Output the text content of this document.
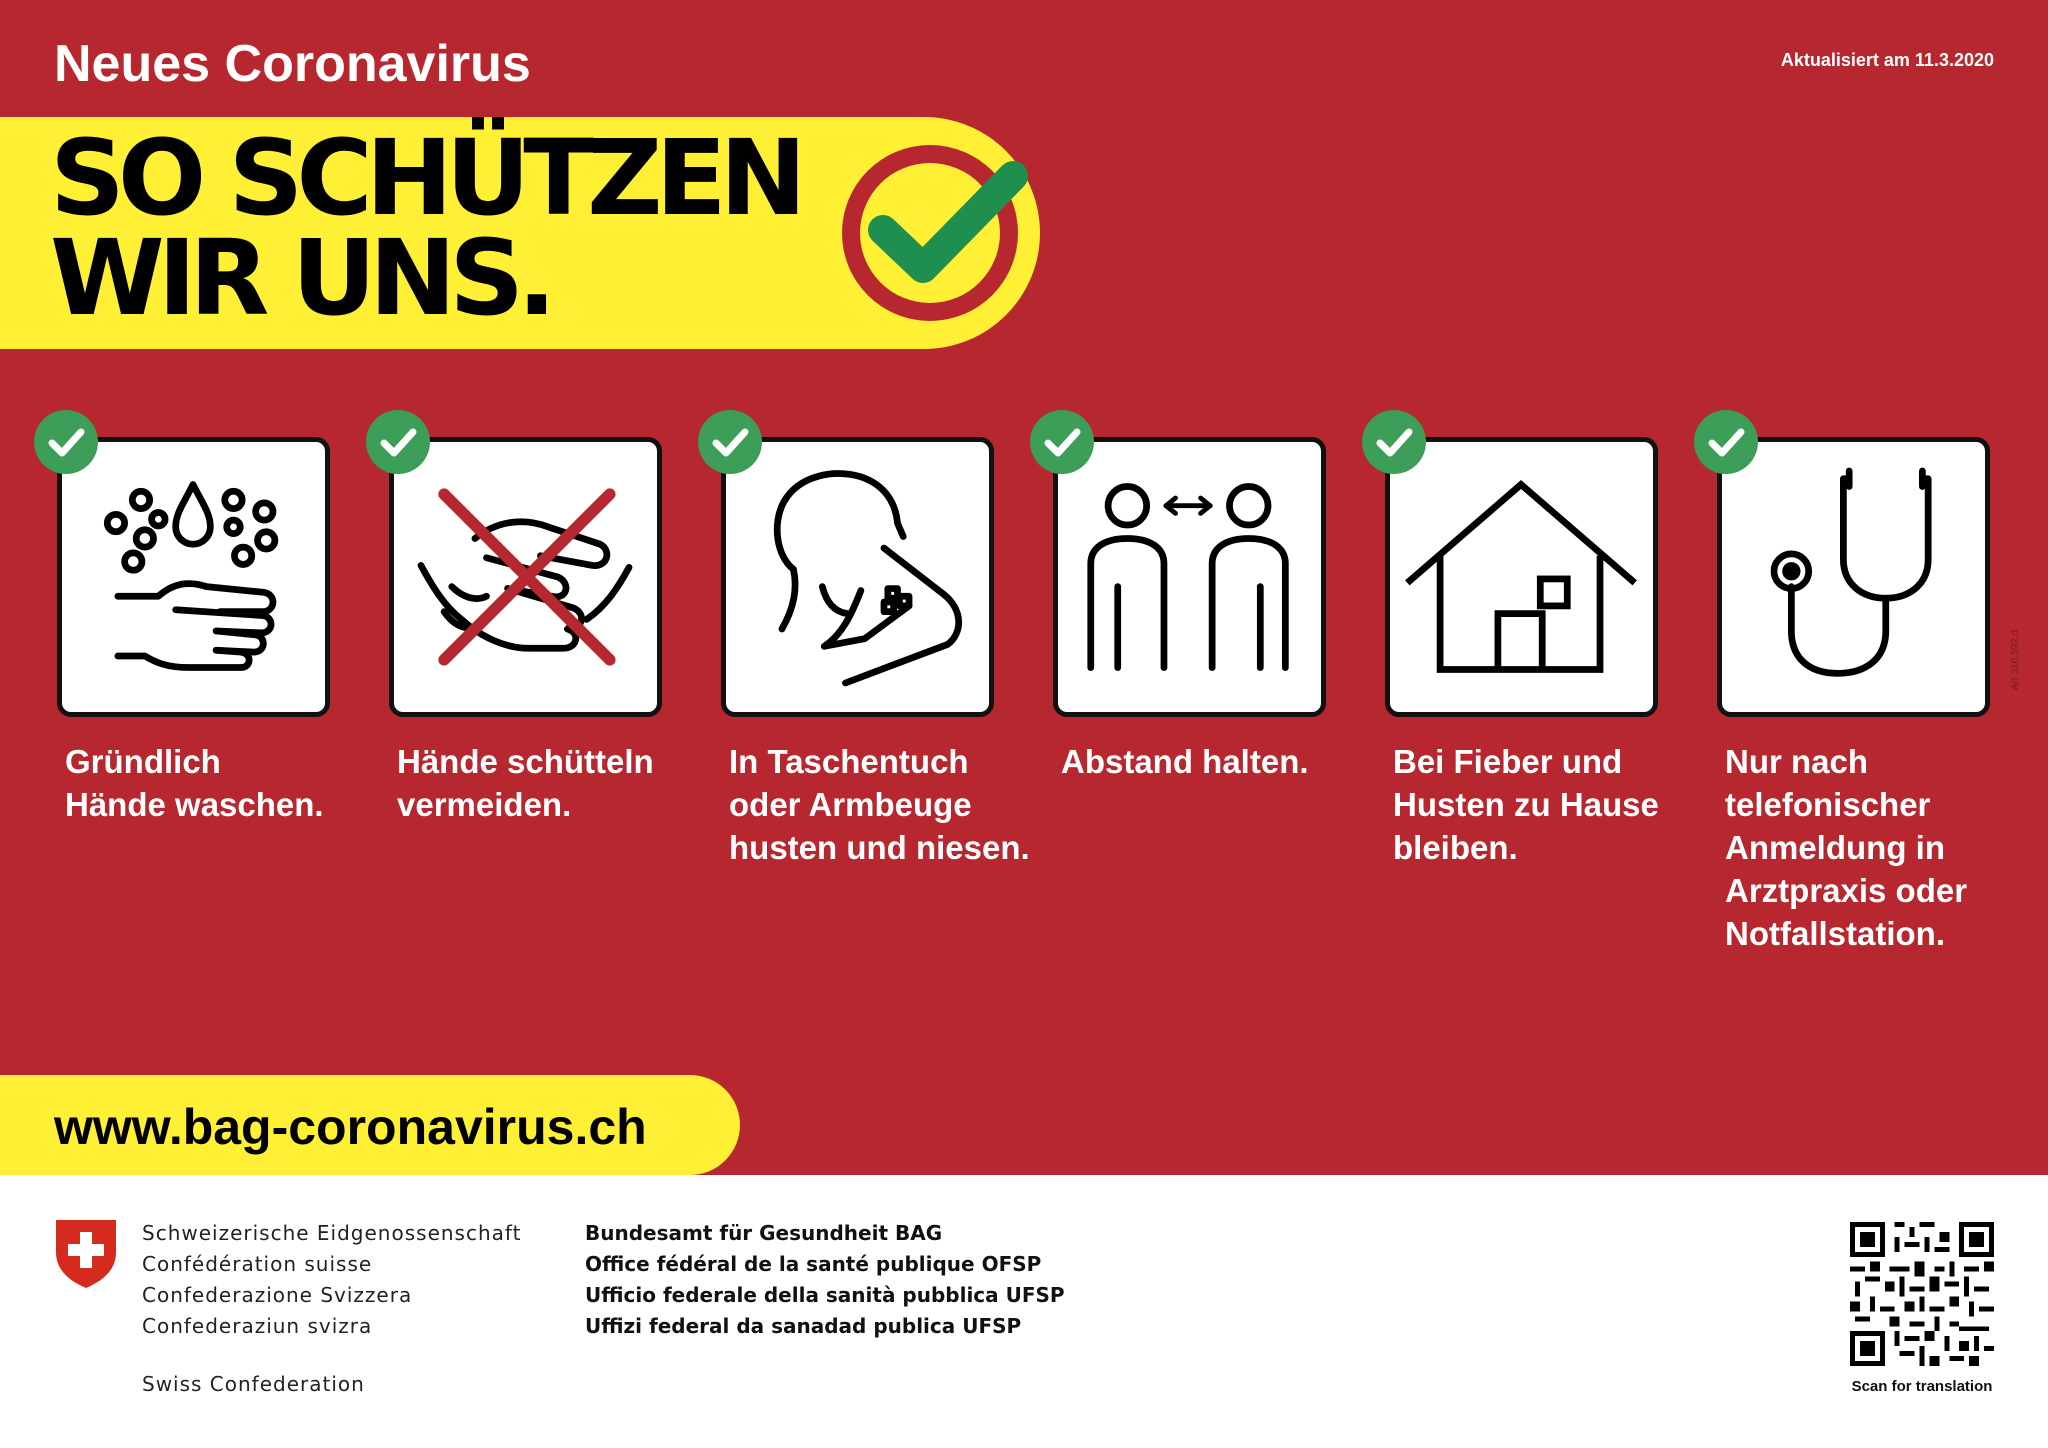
Neues Coronavirus	Aktualisiert am 11.3.2020
SO SCHÜTZEN
WIR UNS.
Gründlich
Hände waschen.
Hände schütteln
vermeiden.
In Taschentuch
oder Armbeuge
husten und niesen.
Abstand halten.	Bei Fieber und
Husten zu Hause
bleiben.
Nur nach
telefonischer
Anmeldung in
Arztpraxis oder
Notfallstation.
Art 316.592.d
www.bag-coronavirus.ch
Schweizerische Eidgenossenschaft
Confédération suisse
Confederazione Svizzera
Confederaziun svizra
Swiss Confederation
Bundesamt für Gesundheit BAG
Office fédéral de la santé publique OFSP
Ufficio federale della sanità pubblica UFSP
Uffizi federal da sanadad publica UFSP
Scan for translation
